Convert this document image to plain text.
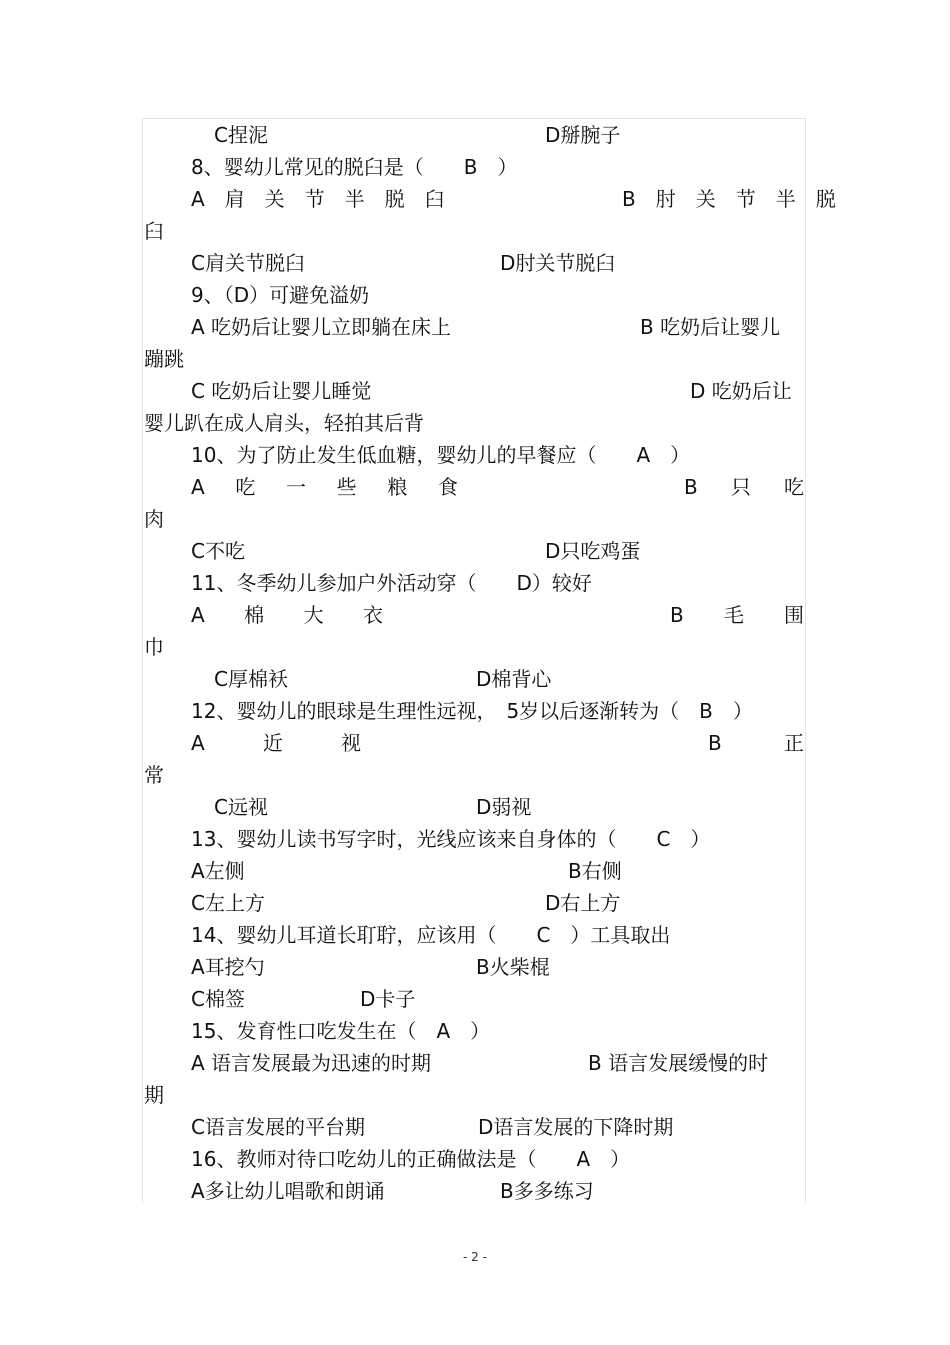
C捏泥	D掰腕子
8、婴幼儿常见的脱臼是（　　B　）
A　肩　关　节　半　脱　臼	B　肘　关　节　半　脱
臼
C肩关节脱臼	D肘关节脱臼
9、（D）可避免溢奶
A 吃奶后让婴儿立即躺在床上	B 吃奶后让婴儿
蹦跳
C 吃奶后让婴儿睡觉	D 吃奶后让
婴儿趴在成人肩头，轻拍其后背
10、为了防止发生低血糖，婴幼儿的早餐应（　　A　）
A 吃 一 些 粮 食	B 只 吃
肉
C不吃	D只吃鸡蛋
11、冬季幼儿参加户外活动穿（　　D）较好
A 棉 大 衣	B 毛 围
巾
C厚棉袄	D棉背心
12、婴幼儿的眼球是生理性远视，　5岁以后逐渐转为（　B　）
A	近	视	B	正
常
C远视	D弱视
13、婴幼儿读书写字时，光线应该来自身体的（　　C　）
A左侧	B右侧
C左上方	D右上方
14、婴幼儿耳道长耵聍，应该用（　　C　）工具取出
A耳挖勺	B火柴棍
C棉签	D卡子
15、发育性口吃发生在（　A　）
A 语言发展最为迅速的时期	B 语言发展缓慢的时
期
C语言发展的平台期	D语言发展的下降时期
16、教师对待口吃幼儿的正确做法是（　　A　）
A多让幼儿唱歌和朗诵	B多多练习
- 2 -
